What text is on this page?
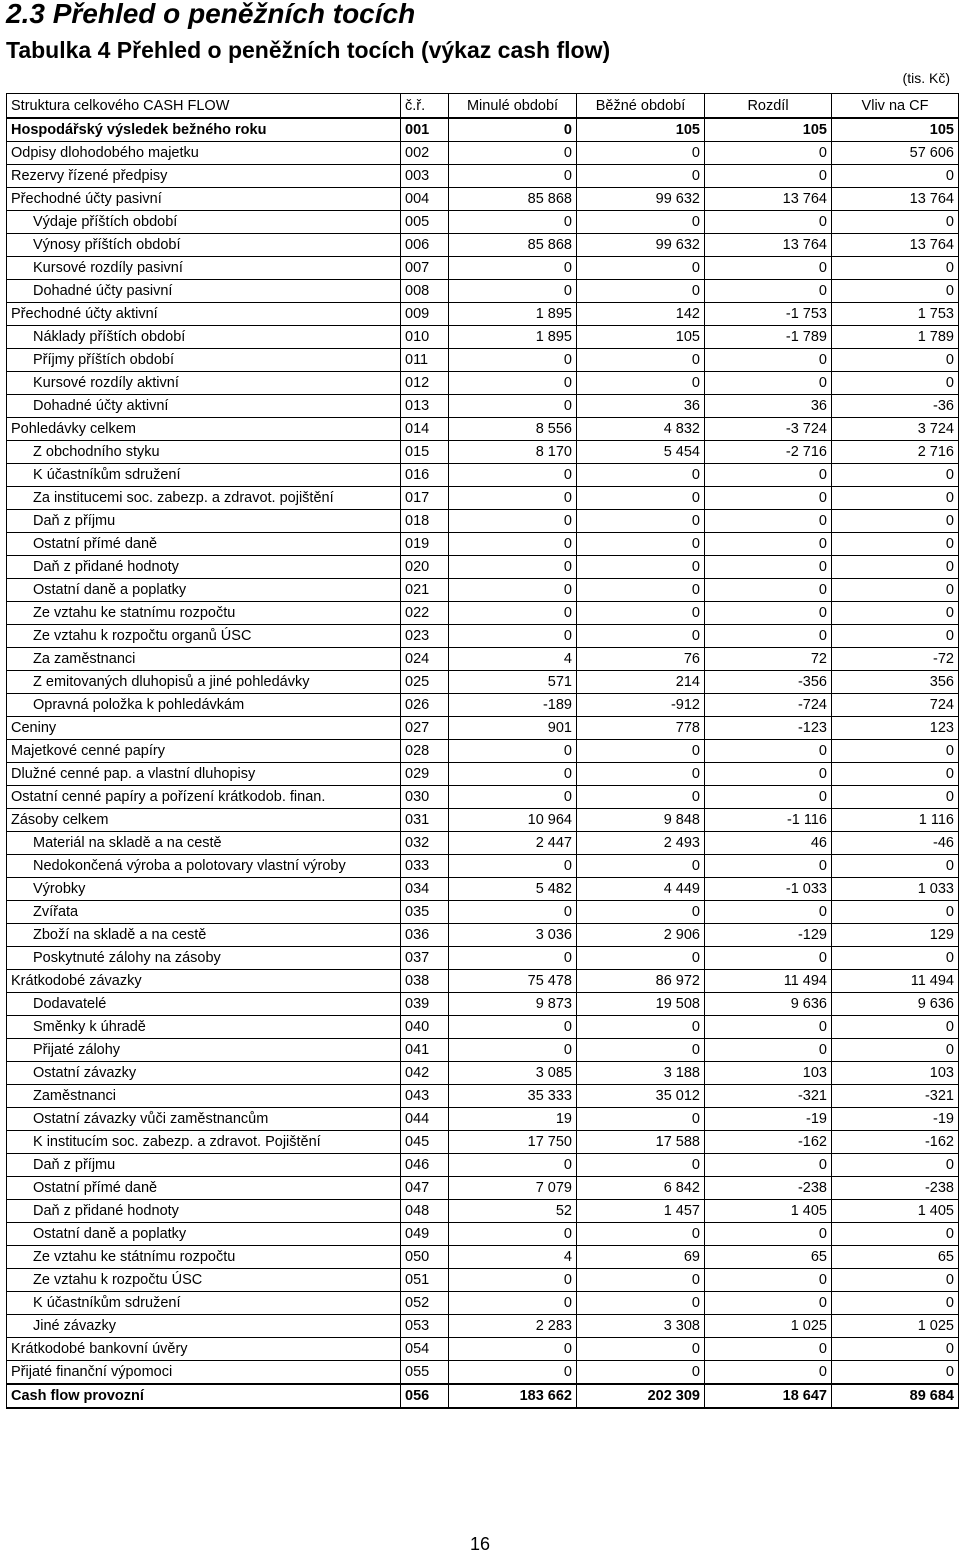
2.3 Přehled o peněžních tocích
Tabulka 4 Přehled o peněžních tocích (výkaz cash flow)
(tis. Kč)
Struktura celkového CASH FLOW	č.ř.	Minulé období	Běžné období	Rozdíl	Vliv na CF
Hospodářský výsledek bežného roku	001	0	105	105	105
Odpisy dlohodobého majetku	002	0	0	0	57 606
Rezervy řízené předpisy	003	0	0	0	0
Přechodné účty pasivní	004	85 868	99 632	13 764	13 764
Výdaje příštích období	005	0	0	0	0
Výnosy příštích období	006	85 868	99 632	13 764	13 764
Kursové rozdíly pasivní	007	0	0	0	0
Dohadné účty pasivní	008	0	0	0	0
Přechodné účty aktivní	009	1 895	142	-1 753	1 753
Náklady příštích období	010	1 895	105	-1 789	1 789
Příjmy příštích období	011	0	0	0	0
Kursové rozdíly aktivní	012	0	0	0	0
Dohadné účty aktivní	013	0	36	36	-36
Pohledávky celkem	014	8 556	4 832	-3 724	3 724
Z obchodního styku	015	8 170	5 454	-2 716	2 716
K účastníkům sdružení	016	0	0	0	0
Za institucemi soc. zabezp. a zdravot. pojištění	017	0	0	0	0
Daň z příjmu	018	0	0	0	0
Ostatní přímé daně	019	0	0	0	0
Daň z přidané hodnoty	020	0	0	0	0
Ostatní daně a poplatky	021	0	0	0	0
Ze vztahu ke statnímu rozpočtu	022	0	0	0	0
Ze vztahu k rozpočtu organů ÚSC	023	0	0	0	0
Za zaměstnanci	024	4	76	72	-72
Z emitovaných dluhopisů a jiné pohledávky	025	571	214	-356	356
Opravná položka k pohledávkám	026	-189	-912	-724	724
Ceniny	027	901	778	-123	123
Majetkové cenné papíry	028	0	0	0	0
Dlužné cenné pap. a vlastní dluhopisy	029	0	0	0	0
Ostatní cenné papíry a pořízení krátkodob. finan.	030	0	0	0	0
Zásoby celkem	031	10 964	9 848	-1 116	1 116
Materiál na skladě a na cestě	032	2 447	2 493	46	-46
Nedokončená výroba a polotovary vlastní výroby	033	0	0	0	0
Výrobky	034	5 482	4 449	-1 033	1 033
Zvířata	035	0	0	0	0
Zboží na skladě a na cestě	036	3 036	2 906	-129	129
Poskytnuté zálohy na zásoby	037	0	0	0	0
Krátkodobé závazky	038	75 478	86 972	11 494	11 494
Dodavatelé	039	9 873	19 508	9 636	9 636
Směnky k úhradě	040	0	0	0	0
Přijaté zálohy	041	0	0	0	0
Ostatní závazky	042	3 085	3 188	103	103
Zaměstnanci	043	35 333	35 012	-321	-321
Ostatní závazky vůči zaměstnancům	044	19	0	-19	-19
K institucím soc. zabezp. a zdravot. Pojištění	045	17 750	17 588	-162	-162
Daň z příjmu	046	0	0	0	0
Ostatní přímé daně	047	7 079	6 842	-238	-238
Daň z přidané hodnoty	048	52	1 457	1 405	1 405
Ostatní daně a poplatky	049	0	0	0	0
Ze vztahu ke státnímu rozpočtu	050	4	69	65	65
Ze vztahu k rozpočtu ÚSC	051	0	0	0	0
K účastníkům sdružení	052	0	0	0	0
Jiné závazky	053	2 283	3 308	1 025	1 025
Krátkodobé bankovní úvěry	054	0	0	0	0
Přijaté finanční výpomoci	055	0	0	0	0
Cash flow provozní	056	183 662	202 309	18 647	89 684
16
